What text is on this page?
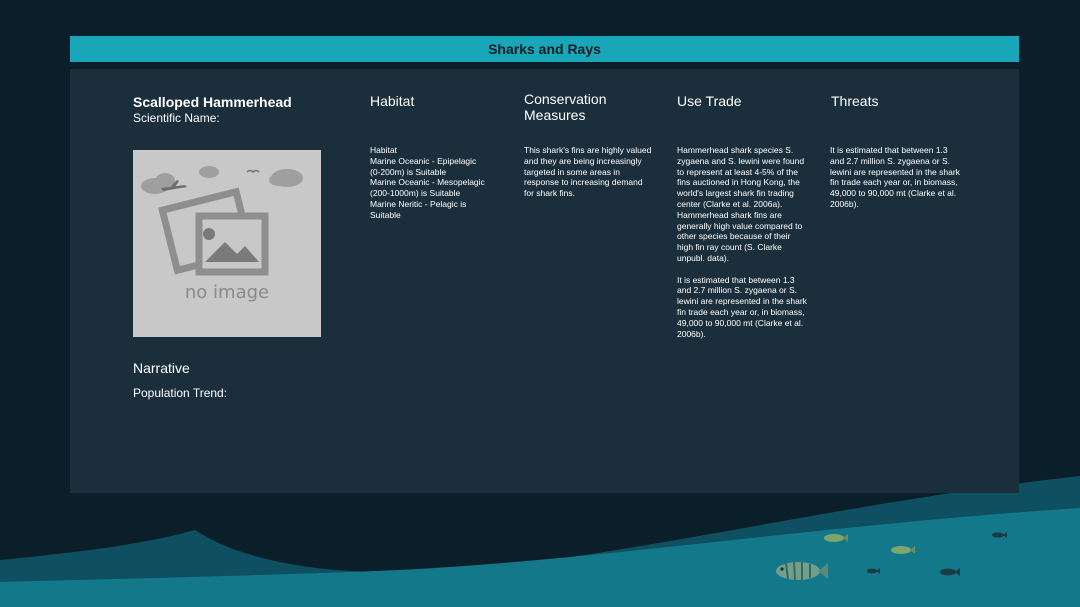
Sharks and Rays
Scalloped Hammerhead
Scientific Name:
no image
Narrative
Population Trend:
Habitat
Habitat
Marine Oceanic - Epipelagic (0-200m) is Suitable
Marine Oceanic - Mesopelagic (200-1000m) is Suitable
Marine Neritic - Pelagic is Suitable
Conservation Measures
This shark's fins are highly valued and they are being increasingly targeted in some areas in response to increasing demand for shark fins.
Use Trade

Hammerhead shark species S. zygaena and S. lewini were found to represent at least 4-5% of the fins auctioned in Hong Kong, the world's largest shark fin trading center (Clarke et al. 2006a). Hammerhead shark fins are generally high value compared to other species because of their high fin ray count (S. Clarke unpubl. data).

It is estimated that between 1.3 and 2.7 million S. zygaena or S. lewini are represented in the shark fin trade each year or, in biomass, 49,000 to 90,000 mt (Clarke et al. 2006b).

Threats
It is estimated that between 1.3 and 2.7 million S. zygaena or S. lewini are represented in the shark fin trade each year or, in biomass, 49,000 to 90,000 mt (Clarke et al. 2006b).
